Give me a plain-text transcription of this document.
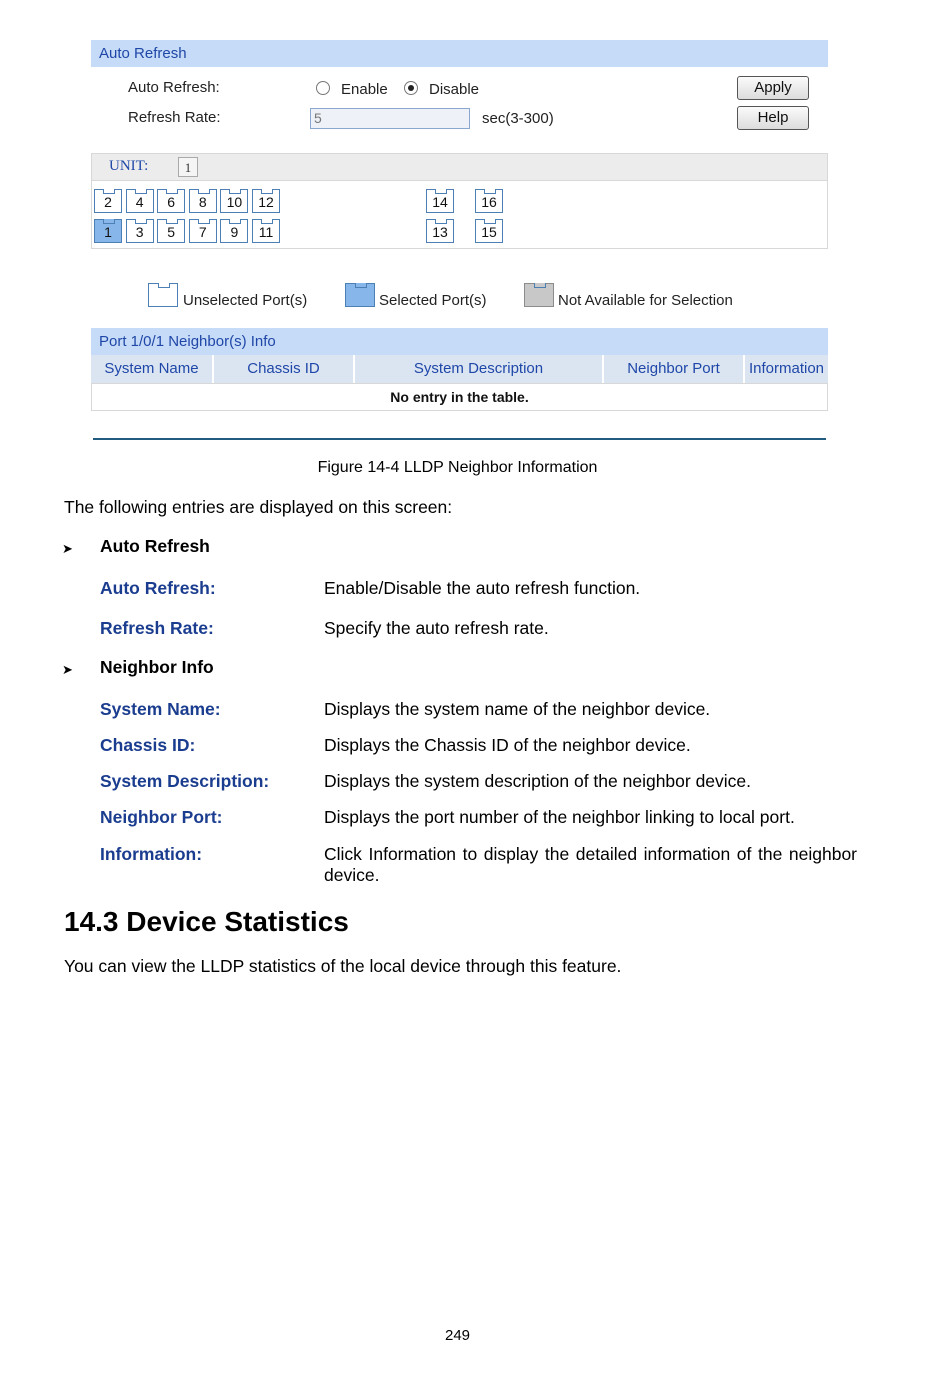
Auto Refresh
Auto Refresh:	Enable	Disable	Apply
Refresh Rate:	5	sec(3-300)	Help
UNIT:	1
2	4	6	8	10	12
1	3	5	7	9	11
14	16
13	15
Unselected Port(s)	Selected Port(s)	Not Available for Selection
Port 1/0/1 Neighbor(s) Info
System Name	Chassis ID	System Description	Neighbor Port	Information
No entry in the table.
Figure 14-4 LLDP Neighbor Information
The following entries are displayed on this screen:
➤ Auto Refresh
Auto Refresh:	Enable/Disable the auto refresh function.
Refresh Rate:	Specify the auto refresh rate.
➤ Neighbor Info
System Name:	Displays the system name of the neighbor device.
Chassis ID:	Displays the Chassis ID of the neighbor device.
System Description:	Displays the system description of the neighbor device.
Neighbor Port:	Displays the port number of the neighbor linking to local port.
Information:	Click Information to display the detailed information of the neighbor device.
14.3 Device Statistics
You can view the LLDP statistics of the local device through this feature.
249
